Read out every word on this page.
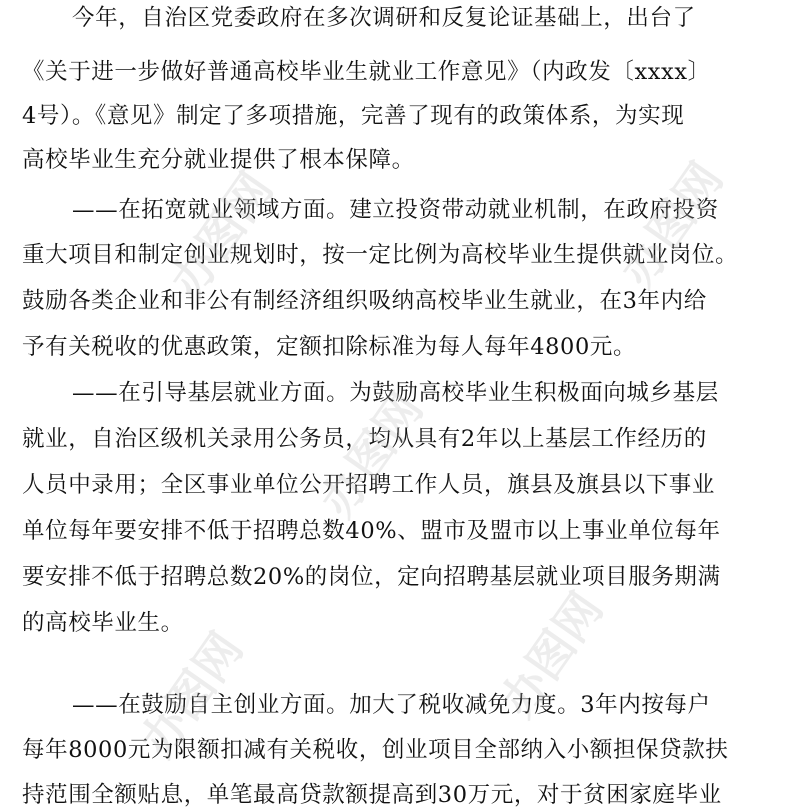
今年，自治区党委政府在多次调研和反复论证基础上，出台了
《关于进一步做好普通高校毕业生就业工作意见》（内政发〔xxxx〕
4号）。《意见》制定了多项措施，完善了现有的政策体系，为实现
高校毕业生充分就业提供了根本保障。
——在拓宽就业领域方面。建立投资带动就业机制，在政府投资
重大项目和制定创业规划时，按一定比例为高校毕业生提供就业岗位。
鼓励各类企业和非公有制经济组织吸纳高校毕业生就业，在3年内给
予有关税收的优惠政策，定额扣除标准为每人每年4800元。
——在引导基层就业方面。为鼓励高校毕业生积极面向城乡基层
就业，自治区级机关录用公务员，均从具有2年以上基层工作经历的
人员中录用；全区事业单位公开招聘工作人员，旗县及旗县以下事业
单位每年要安排不低于招聘总数40%、盟市及盟市以上事业单位每年
要安排不低于招聘总数20%的岗位，定向招聘基层就业项目服务期满
的高校毕业生。
——在鼓励自主创业方面。加大了税收减免力度。3年内按每户
每年8000元为限额扣减有关税收，创业项目全部纳入小额担保贷款扶
持范围全额贴息，单笔最高贷款额提高到30万元，对于贫困家庭毕业
办图网	办图网
办图网
办图网	办图网
